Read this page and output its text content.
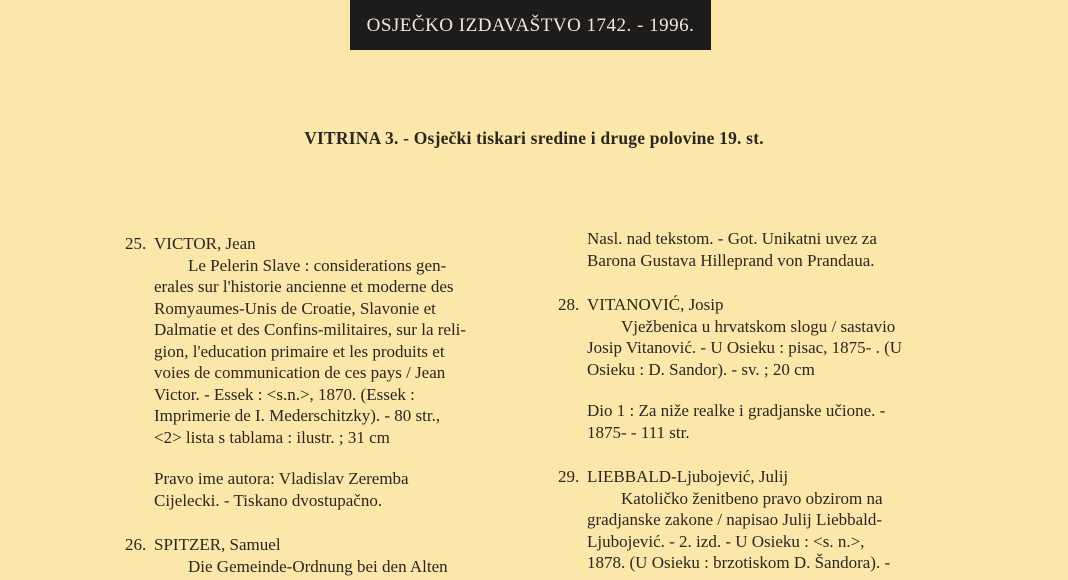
OSJEČKO IZDAVAŠTVO 1742. - 1996.
VITRINA 3. - Osječki tiskari sredine i druge polovine 19. st.
25. VICTOR, Jean

Le Pelerin Slave : considerations gen-

erales sur l'historie ancienne et moderne des

Romyaumes-Unis de Croatie, Slavonie et

Dalmatie et des Confins-militaires, sur la reli-

gion, l'education primaire et les produits et

voies de communication de ces pays / Jean

Victor. - Essek : <s.n.>, 1870. (Essek :

Imprimerie de I. Mederschitzky). - 80 str.,

<2> lista s tablama : ilustr. ; 31 cm

Pravo ime autora: Vladislav Zeremba

Cijelecki. - Tiskano dvostupačno.

26. SPITZER, Samuel

Die Gemeinde-Ordnung bei den Alten

Nasl. nad tekstom. - Got. Unikatni uvez za

Barona Gustava Hilleprand von Prandaua.

28. VITANOVIĆ, Josip

Vježbenica u hrvatskom slogu / sastavio

Josip Vitanović. - U Osieku : pisac, 1875- . (U

Osieku : D. Sandor). - sv. ; 20 cm

Dio 1 : Za niže realke i gradjanske učione. -

1875- - 111 str.

29. LIEBBALD-Ljubojević, Julij

Katoličko ženitbeno pravo obzirom na

gradjanske zakone / napisao Julij Liebbald-

Ljubojević. - 2. izd. - U Osieku : <s. n.>,

1878. (U Osieku : brzotiskom D. Šandora). -
